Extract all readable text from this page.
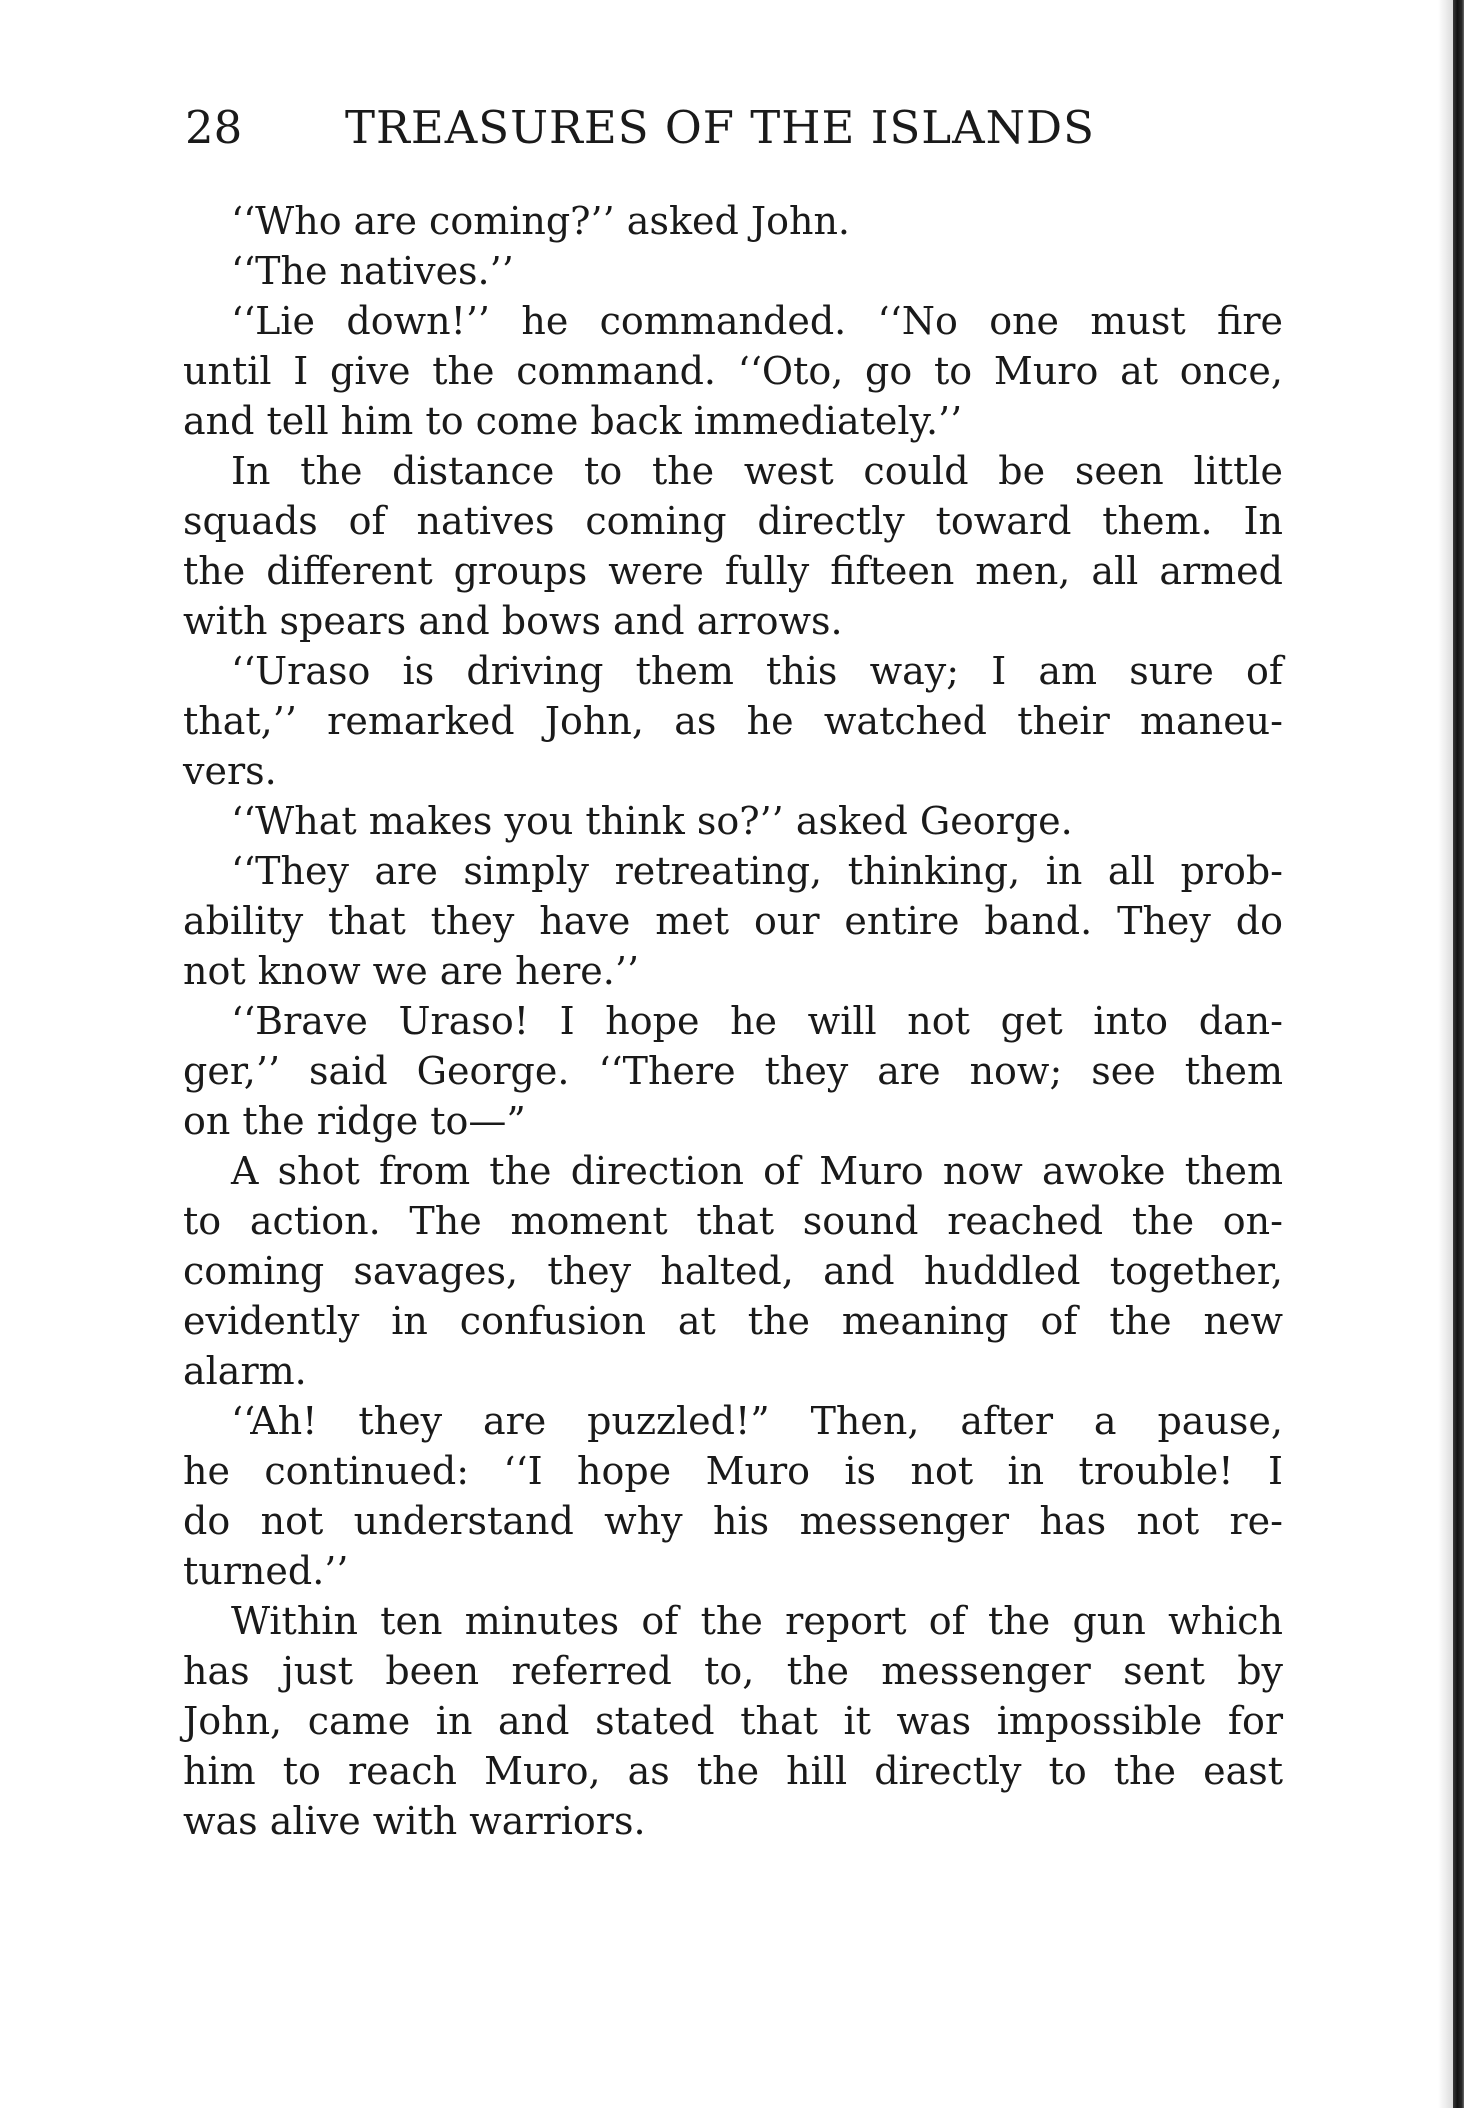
28 TREASURES OF THE ISLANDS
‘‘Who are coming?’’ asked John.
‘‘The natives.’’
‘‘Lie down!’’ he commanded. ‘‘No one must fire
until I give the command. ‘‘Oto, go to Muro at once,
and tell him to come back immediately.’’
In the distance to the west could be seen little
squads of natives coming directly toward them. In
the different groups were fully fifteen men, all armed
with spears and bows and arrows.
‘‘Uraso is driving them this way; I am sure of
that,’’ remarked John, as he watched their maneu-
vers.
‘‘What makes you think so?’’ asked George.
‘‘They are simply retreating, thinking, in all prob-
ability that they have met our entire band. They do
not know we are here.’’
‘‘Brave Uraso! I hope he will not get into dan-
ger,’’ said George. ‘‘There they are now; see them
on the ridge to—”
A shot from the direction of Muro now awoke them
to action. The moment that sound reached the on-
coming savages, they halted, and huddled together,
evidently in confusion at the meaning of the new
alarm.
‘‘Ah! they are puzzled!” Then, after a pause,
he continued: ‘‘I hope Muro is not in trouble! I
do not understand why his messenger has not re-
turned.’’
Within ten minutes of the report of the gun which
has just been referred to, the messenger sent by
John, came in and stated that it was impossible for
him to reach Muro, as the hill directly to the east
was alive with warriors.
